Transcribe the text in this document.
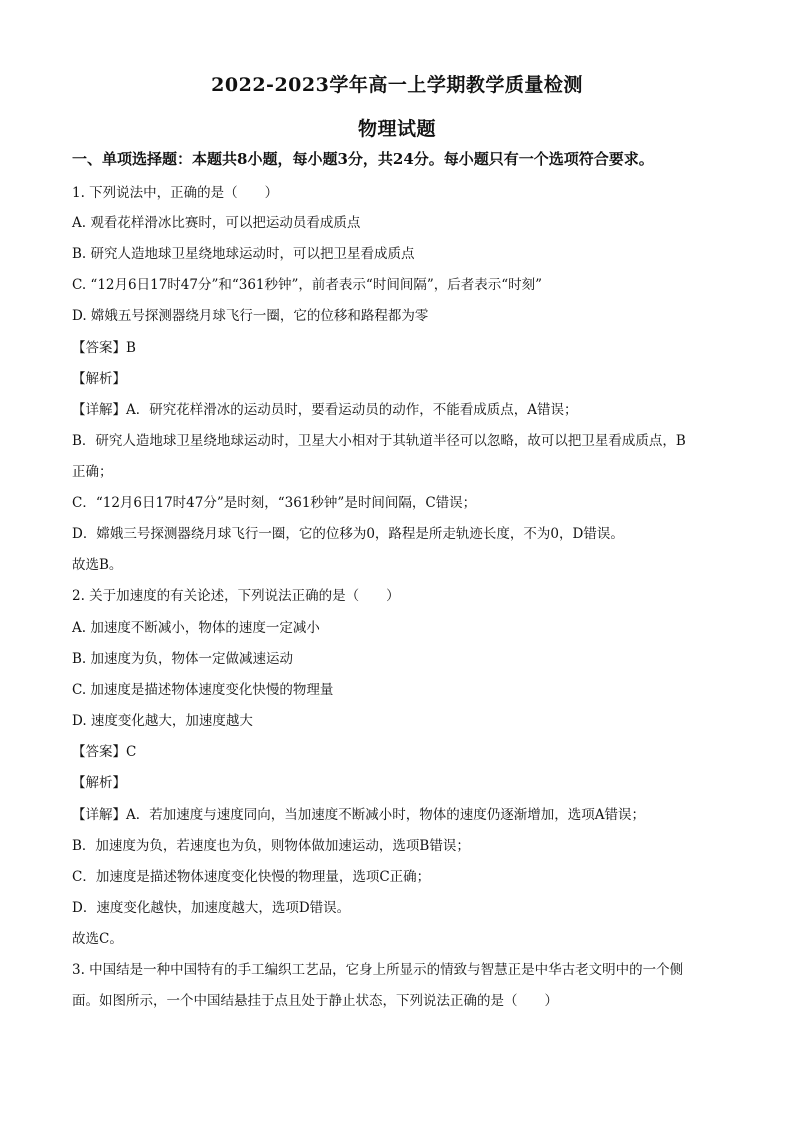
2022-2023学年高一上学期教学质量检测
物理试题
一、单项选择题：本题共8小题，每小题3分，共24分。每小题只有一个选项符合要求。
1. 下列说法中，正确的是（　　）
A. 观看花样滑冰比赛时，可以把运动员看成质点
B. 研究人造地球卫星绕地球运动时，可以把卫星看成质点
C. “12月6日17时47分”和“361秒钟”，前者表示“时间间隔”，后者表示“时刻”
D. 嫦娥五号探测器绕月球飞行一圈，它的位移和路程都为零
【答案】B
【解析】
【详解】A．研究花样滑冰的运动员时，要看运动员的动作，不能看成质点，A错误；
B．研究人造地球卫星绕地球运动时，卫星大小相对于其轨道半径可以忽略，故可以把卫星看成质点，B
正确；
C．“12月6日17时47分”是时刻，“361秒钟”是时间间隔，C错误；
D．嫦娥三号探测器绕月球飞行一圈，它的位移为0，路程是所走轨迹长度，不为0，D错误。
故选B。
2. 关于加速度的有关论述，下列说法正确的是（　　）
A. 加速度不断减小，物体的速度一定减小
B. 加速度为负，物体一定做减速运动
C. 加速度是描述物体速度变化快慢的物理量
D. 速度变化越大，加速度越大
【答案】C
【解析】
【详解】A．若加速度与速度同向，当加速度不断减小时，物体的速度仍逐渐增加，选项A错误；
B．加速度为负，若速度也为负，则物体做加速运动，选项B错误；
C．加速度是描述物体速度变化快慢的物理量，选项C正确；
D．速度变化越快，加速度越大，选项D错误。
故选C。
3. 中国结是一种中国特有的手工编织工艺品，它身上所显示的情致与智慧正是中华古老文明中的一个侧
面。如图所示，一个中国结悬挂于点且处于静止状态，下列说法正确的是（　　）
